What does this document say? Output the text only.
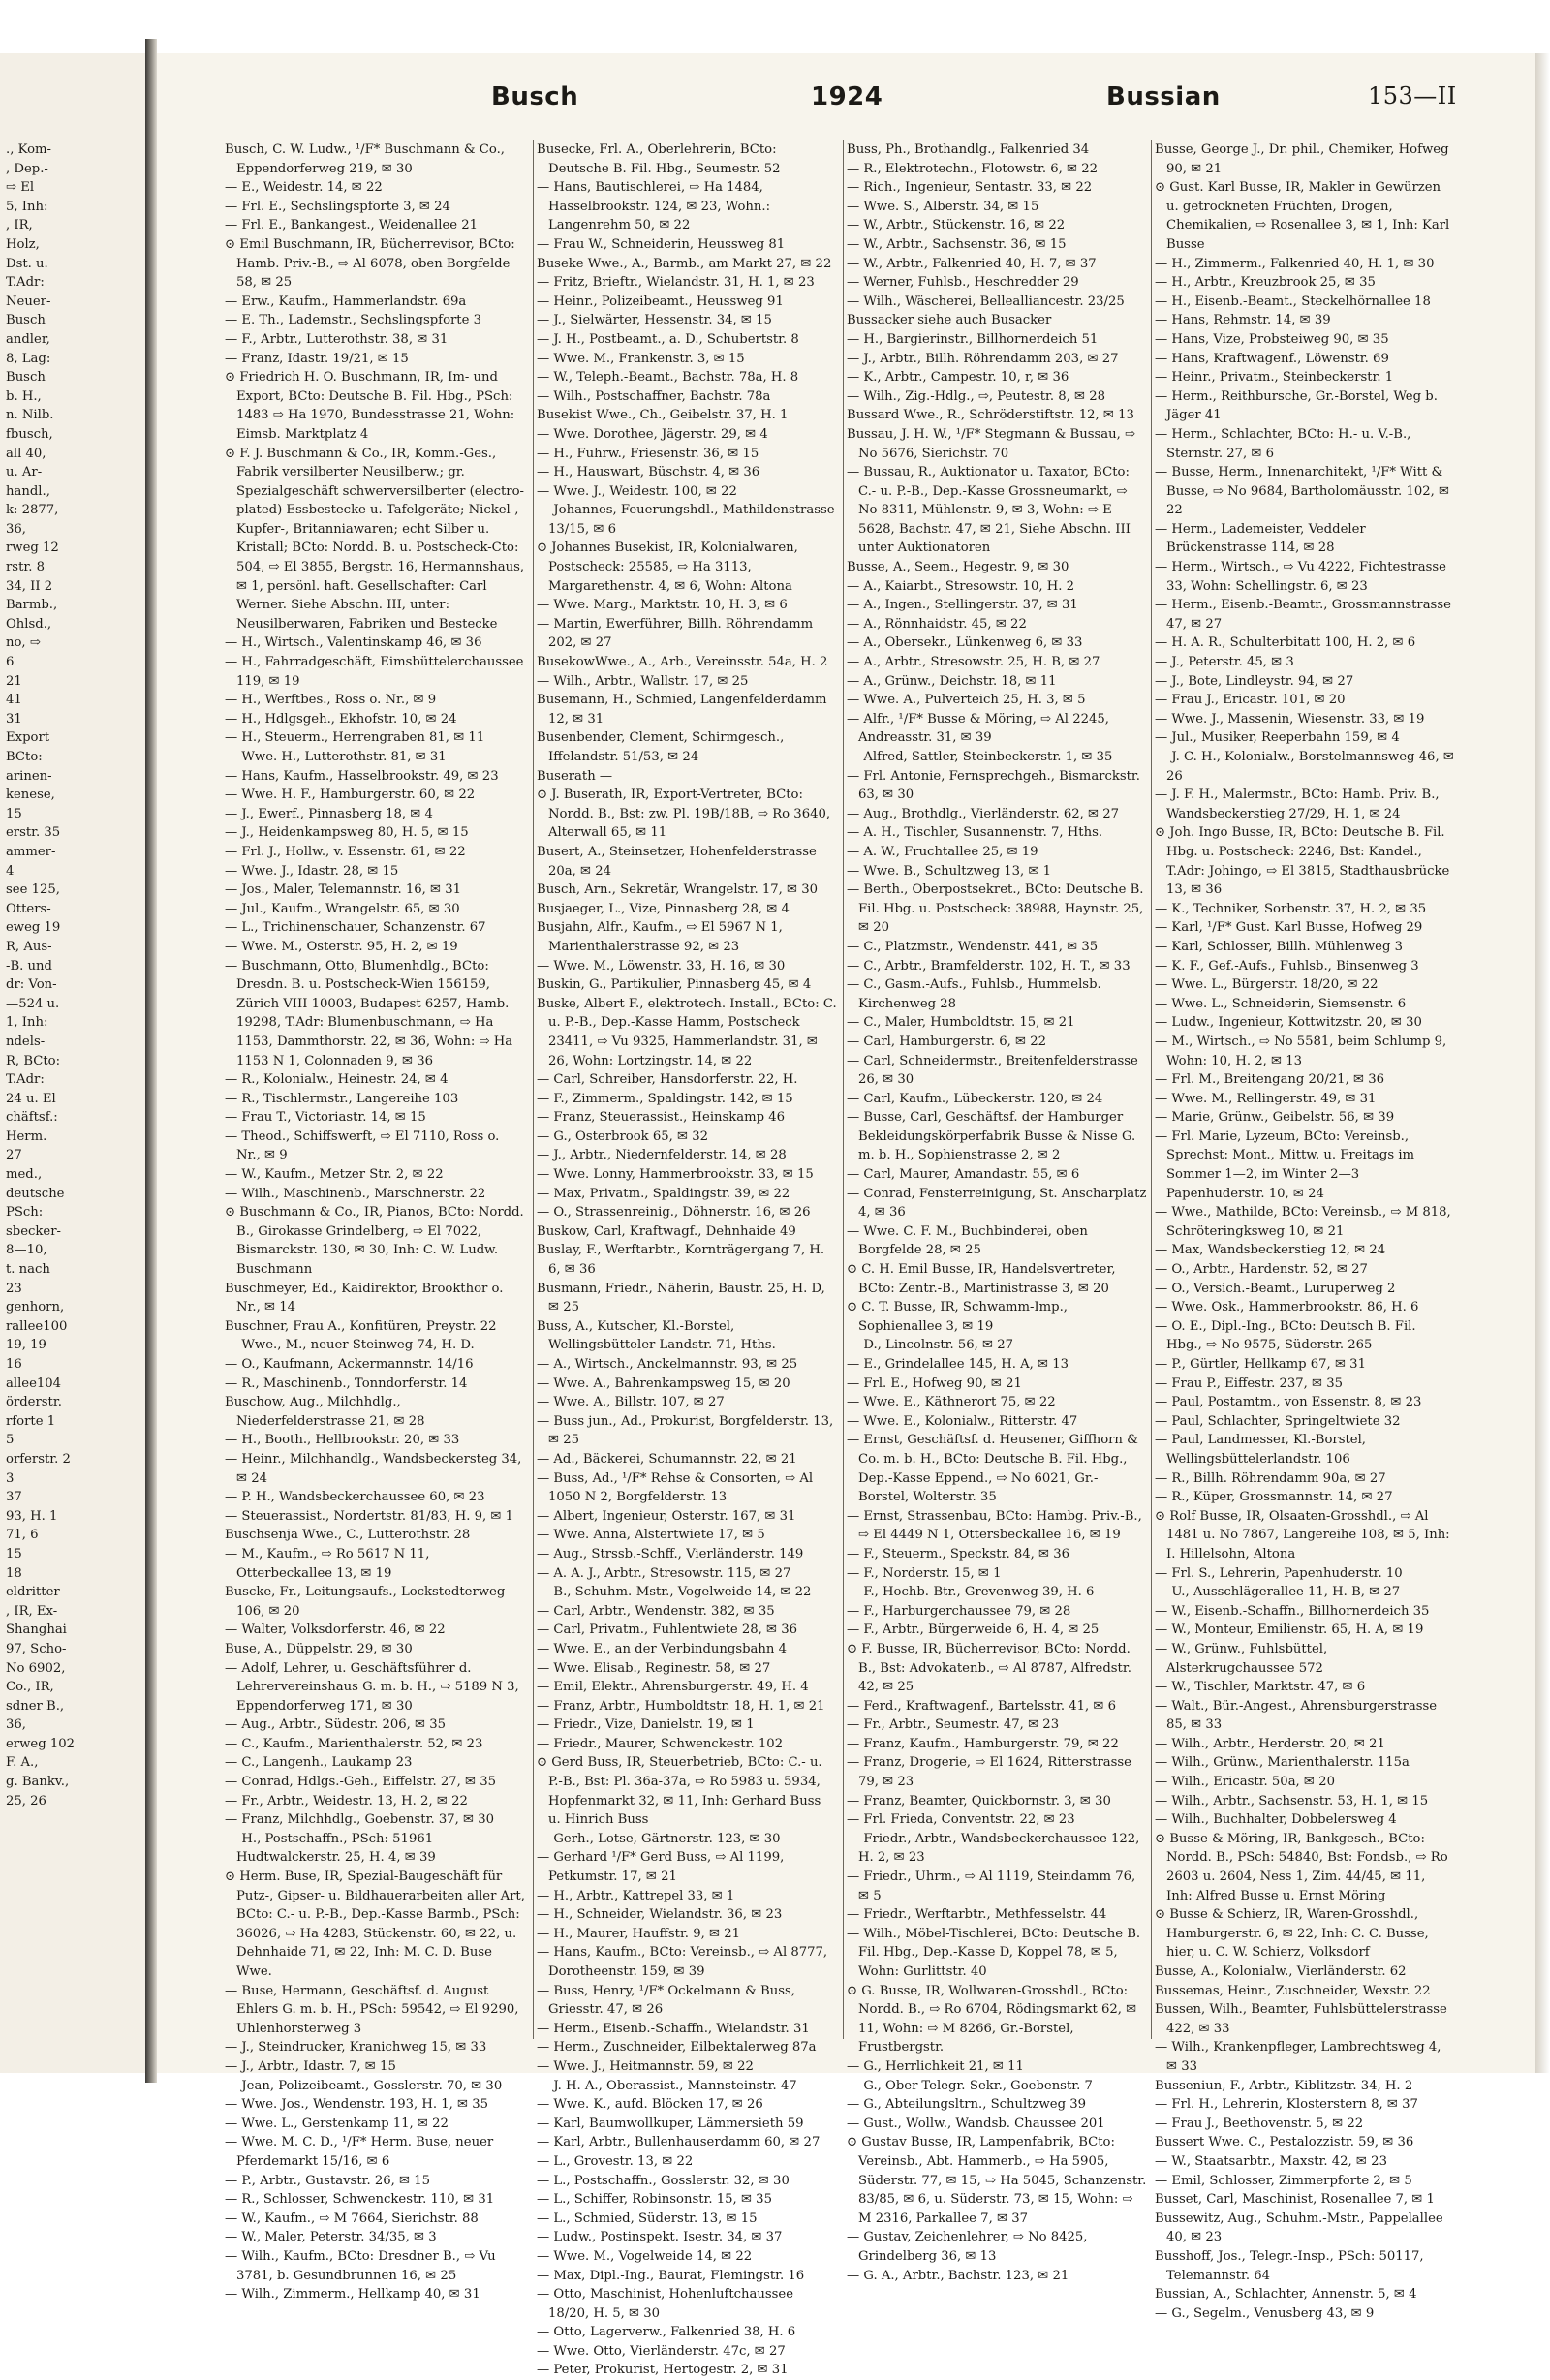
., Kom-
, Dep.-
⇨ El
5, Inh:
, IR,
Holz,
Dst. u.
T.Adr:
Neuer-
Busch
andler,
8, Lag:
Busch
b. H.,
n. Nilb.
fbusch,
all 40,
u. Ar-
handl.,
k: 2877,
36,
rweg 12
rstr. 8
34, II 2
Barmb.,
Ohlsd.,
no, ⇨
6
21
41
31
Export
BCto:
arinen-
kenese,
15
erstr. 35
ammer-
4
see 125,
Otters-
eweg 19
R, Aus-
-B. und
dr: Von-
—524 u.
1, Inh:
ndels-
R, BCto:
T.Adr:
24 u. El
chäftsf.:
Herm.
27
med.,
deutsche
PSch:
sbecker-
8—10,
t. nach
23
genhorn,
rallee100
19, 19
16
allee104
örderstr.
rforte 1
5
orferstr. 2
3
37
93, H. 1
71, 6
15
18
eldritter-
, IR, Ex-
Shanghai
97, Scho-
No 6902,
Co., IR,
sdner B.,
36,
erweg 102
F. A.,
g. Bankv.,
25, 26
Busch	1924	Bussian	153—II

Busch, C. W. Ludw., ¹/F* Buschmann & Co., Eppendorferweg 219, ✉ 30

— E., Weidestr. 14, ✉ 22

— Frl. E., Sechslingspforte 3, ✉ 24

— Frl. E., Bankangest., Weidenallee 21

⊙ Emil Buschmann, IR, Bücherrevisor, BCto: Hamb. Priv.-B., ⇨ Al 6078, oben Borgfelde 58, ✉ 25

— Erw., Kaufm., Hammerlandstr. 69a

— E. Th., Lademstr., Sechslingspforte 3

— F., Arbtr., Lutterothstr. 38, ✉ 31

— Franz, Idastr. 19/21, ✉ 15

⊙ Friedrich H. O. Buschmann, IR, Im- und Export, BCto: Deutsche B. Fil. Hbg., PSch: 1483 ⇨ Ha 1970, Bundesstrasse 21, Wohn: Eimsb. Marktplatz 4

⊙ F. J. Buschmann & Co., IR, Komm.-Ges., Fabrik versilberter Neusilberw.; gr. Spezialgeschäft schwerversilberter (electro-plated) Essbestecke u. Tafelgeräte; Nickel-, Kupfer-, Britanniawaren; echt Silber u. Kristall; BCto: Nordd. B. u. Postscheck-Cto: 504, ⇨ El 3855, Bergstr. 16, Hermannshaus, ✉ 1, persönl. haft. Gesellschafter: Carl Werner. Siehe Abschn. III, unter: Neusilberwaren, Fabriken und Bestecke

— H., Wirtsch., Valentinskamp 46, ✉ 36

— H., Fahrradgeschäft, Eimsbüttelerchaussee 119, ✉ 19

— H., Werftbes., Ross o. Nr., ✉ 9

— H., Hdlgsgeh., Ekhofstr. 10, ✉ 24

— H., Steuerm., Herrengraben 81, ✉ 11

— Wwe. H., Lutterothstr. 81, ✉ 31

— Hans, Kaufm., Hasselbrookstr. 49, ✉ 23

— Wwe. H. F., Hamburgerstr. 60, ✉ 22

— J., Ewerf., Pinnasberg 18, ✉ 4

— J., Heidenkampsweg 80, H. 5, ✉ 15

— Frl. J., Hollw., v. Essenstr. 61, ✉ 22

— Wwe. J., Idastr. 28, ✉ 15

— Jos., Maler, Telemannstr. 16, ✉ 31

— Jul., Kaufm., Wrangelstr. 65, ✉ 30

— L., Trichinenschauer, Schanzenstr. 67

— Wwe. M., Osterstr. 95, H. 2, ✉ 19

— Buschmann, Otto, Blumenhdlg., BCto: Dresdn. B. u. Postscheck-Wien 156159, Zürich VIII 10003, Budapest 6257, Hamb. 19298, T.Adr: Blumenbuschmann, ⇨ Ha 1153, Dammthorstr. 22, ✉ 36, Wohn: ⇨ Ha 1153 N 1, Colonnaden 9, ✉ 36

— R., Kolonialw., Heinestr. 24, ✉ 4

— R., Tischlermstr., Langereihe 103

— Frau T., Victoriastr. 14, ✉ 15

— Theod., Schiffswerft, ⇨ El 7110, Ross o. Nr., ✉ 9

— W., Kaufm., Metzer Str. 2, ✉ 22

— Wilh., Maschinenb., Marschnerstr. 22

⊙ Buschmann & Co., IR, Pianos, BCto: Nordd. B., Girokasse Grindelberg, ⇨ El 7022, Bismarckstr. 130, ✉ 30, Inh: C. W. Ludw. Buschmann

Buschmeyer, Ed., Kaidirektor, Brookthor o. Nr., ✉ 14

Buschner, Frau A., Konfitüren, Preystr. 22

— Wwe., M., neuer Steinweg 74, H. D.

— O., Kaufmann, Ackermannstr. 14/16

— R., Maschinenb., Tonndorferstr. 14

Buschow, Aug., Milchhdlg., Niederfelderstrasse 21, ✉ 28

— H., Booth., Hellbrookstr. 20, ✉ 33

— Heinr., Milchhandlg., Wandsbeckersteg 34, ✉ 24

— P. H., Wandsbeckerchaussee 60, ✉ 23

— Steuerassist., Nordertstr. 81/83, H. 9, ✉ 1

Buschsenja Wwe., C., Lutterothstr. 28

— M., Kaufm., ⇨ Ro 5617 N 11, Otterbeckallee 13, ✉ 19

Buscke, Fr., Leitungsaufs., Lockstedterweg 106, ✉ 20

— Walter, Volksdorferstr. 46, ✉ 22

Buse, A., Düppelstr. 29, ✉ 30

— Adolf, Lehrer, u. Geschäftsführer d. Lehrervereinshaus G. m. b. H., ⇨ 5189 N 3, Eppendorferweg 171, ✉ 30

— Aug., Arbtr., Südestr. 206, ✉ 35

— C., Kaufm., Marienthalerstr. 52, ✉ 23

— C., Langenh., Laukamp 23

— Conrad, Hdlgs.-Geh., Eiffelstr. 27, ✉ 35

— Fr., Arbtr., Weidestr. 13, H. 2, ✉ 22

— Franz, Milchhdlg., Goebenstr. 37, ✉ 30

— H., Postschaffn., PSch: 51961 Hudtwalckerstr. 25, H. 4, ✉ 39

⊙ Herm. Buse, IR, Spezial-Baugeschäft für Putz-, Gipser- u. Bildhauerarbeiten aller Art, BCto: C.- u. P.-B., Dep.-Kasse Barmb., PSch: 36026, ⇨ Ha 4283, Stückenstr. 60, ✉ 22, u. Dehnhaide 71, ✉ 22, Inh: M. C. D. Buse Wwe.

— Buse, Hermann, Geschäftsf. d. August Ehlers G. m. b. H., PSch: 59542, ⇨ El 9290, Uhlenhorsterweg 3

— J., Steindrucker, Kranichweg 15, ✉ 33

— J., Arbtr., Idastr. 7, ✉ 15

— Jean, Polizeibeamt., Gosslerstr. 70, ✉ 30

— Wwe. Jos., Wendenstr. 193, H. 1, ✉ 35

— Wwe. L., Gerstenkamp 11, ✉ 22

— Wwe. M. C. D., ¹/F* Herm. Buse, neuer Pferdemarkt 15/16, ✉ 6

— P., Arbtr., Gustavstr. 26, ✉ 15

— R., Schlosser, Schwenckestr. 110, ✉ 31

— W., Kaufm., ⇨ M 7664, Sierichstr. 88

— W., Maler, Peterstr. 34/35, ✉ 3

— Wilh., Kaufm., BCto: Dresdner B., ⇨ Vu 3781, b. Gesundbrunnen 16, ✉ 25

— Wilh., Zimmerm., Hellkamp 40, ✉ 31

Busecke, Frl. A., Oberlehrerin, BCto: Deutsche B. Fil. Hbg., Seumestr. 52

— Hans, Bautischlerei, ⇨ Ha 1484, Hasselbrookstr. 124, ✉ 23, Wohn.: Langenrehm 50, ✉ 22

— Frau W., Schneiderin, Heussweg 81

Buseke Wwe., A., Barmb., am Markt 27, ✉ 22

— Fritz, Brieftr., Wielandstr. 31, H. 1, ✉ 23

— Heinr., Polizeibeamt., Heussweg 91

— J., Sielwärter, Hessenstr. 34, ✉ 15

— J. H., Postbeamt., a. D., Schubertstr. 8

— Wwe. M., Frankenstr. 3, ✉ 15

— W., Teleph.-Beamt., Bachstr. 78a, H. 8

— Wilh., Postschaffner, Bachstr. 78a

Busekist Wwe., Ch., Geibelstr. 37, H. 1

— Wwe. Dorothee, Jägerstr. 29, ✉ 4

— H., Fuhrw., Friesenstr. 36, ✉ 15

— H., Hauswart, Büschstr. 4, ✉ 36

— Wwe. J., Weidestr. 100, ✉ 22

— Johannes, Feuerungshdl., Mathildenstrasse 13/15, ✉ 6

⊙ Johannes Busekist, IR, Kolonialwaren, Postscheck: 25585, ⇨ Ha 3113, Margarethenstr. 4, ✉ 6, Wohn: Altona

— Wwe. Marg., Marktstr. 10, H. 3, ✉ 6

— Martin, Ewerführer, Billh. Röhrendamm 202, ✉ 27

BusekowWwe., A., Arb., Vereinsstr. 54a, H. 2

— Wilh., Arbtr., Wallstr. 17, ✉ 25

Busemann, H., Schmied, Langenfelderdamm 12, ✉ 31

Busenbender, Clement, Schirmgesch., Iffelandstr. 51/53, ✉ 24

Buserath —

⊙ J. Buserath, IR, Export-Vertreter, BCto: Nordd. B., Bst: zw. Pl. 19B/18B, ⇨ Ro 3640, Alterwall 65, ✉ 11

Busert, A., Steinsetzer, Hohenfelderstrasse 20a, ✉ 24

Busch, Arn., Sekretär, Wrangelstr. 17, ✉ 30

Busjaeger, L., Vize, Pinnasberg 28, ✉ 4

Busjahn, Alfr., Kaufm., ⇨ El 5967 N 1, Marienthalerstrasse 92, ✉ 23

— Wwe. M., Löwenstr. 33, H. 16, ✉ 30

Buskin, G., Partikulier, Pinnasberg 45, ✉ 4

Buske, Albert F., elektrotech. Install., BCto: C. u. P.-B., Dep.-Kasse Hamm, Postscheck 23411, ⇨ Vu 9325, Hammerlandstr. 31, ✉ 26, Wohn: Lortzingstr. 14, ✉ 22

— Carl, Schreiber, Hansdorferstr. 22, H.

— F., Zimmerm., Spaldingstr. 142, ✉ 15

— Franz, Steuerassist., Heinskamp 46

— G., Osterbrook 65, ✉ 32

— J., Arbtr., Niedernfelderstr. 14, ✉ 28

— Wwe. Lonny, Hammerbrookstr. 33, ✉ 15

— Max, Privatm., Spaldingstr. 39, ✉ 22

— O., Strassenreinig., Döhnerstr. 16, ✉ 26

Buskow, Carl, Kraftwagf., Dehnhaide 49

Buslay, F., Werftarbtr., Kornträgergang 7, H. 6, ✉ 36

Busmann, Friedr., Näherin, Baustr. 25, H. D, ✉ 25

Buss, A., Kutscher, Kl.-Borstel, Wellingsbütteler Landstr. 71, Hths.

— A., Wirtsch., Anckelmannstr. 93, ✉ 25

— Wwe. A., Bahrenkampsweg 15, ✉ 20

— Wwe. A., Billstr. 107, ✉ 27

— Buss jun., Ad., Prokurist, Borgfelderstr. 13, ✉ 25

— Ad., Bäckerei, Schumannstr. 22, ✉ 21

— Buss, Ad., ¹/F* Rehse & Consorten, ⇨ Al 1050 N 2, Borgfelderstr. 13

— Albert, Ingenieur, Osterstr. 167, ✉ 31

— Wwe. Anna, Alstertwiete 17, ✉ 5

— Aug., Strssb.-Schff., Vierländerstr. 149

— A. A. J., Arbtr., Stresowstr. 115, ✉ 27

— B., Schuhm.-Mstr., Vogelweide 14, ✉ 22

— Carl, Arbtr., Wendenstr. 382, ✉ 35

— Carl, Privatm., Fuhlentwiete 28, ✉ 36

— Wwe. E., an der Verbindungsbahn 4

— Wwe. Elisab., Reginestr. 58, ✉ 27

— Emil, Elektr., Ahrensburgerstr. 49, H. 4

— Franz, Arbtr., Humboldtstr. 18, H. 1, ✉ 21

— Friedr., Vize, Danielstr. 19, ✉ 1

— Friedr., Maurer, Schwenckestr. 102

⊙ Gerd Buss, IR, Steuerbetrieb, BCto: C.- u. P.-B., Bst: Pl. 36a-37a, ⇨ Ro 5983 u. 5934, Hopfenmarkt 32, ✉ 11, Inh: Gerhard Buss u. Hinrich Buss

— Gerh., Lotse, Gärtnerstr. 123, ✉ 30

— Gerhard ¹/F* Gerd Buss, ⇨ Al 1199, Petkumstr. 17, ✉ 21

— H., Arbtr., Kattrepel 33, ✉ 1

— H., Schneider, Wielandstr. 36, ✉ 23

— H., Maurer, Hauffstr. 9, ✉ 21

— Hans, Kaufm., BCto: Vereinsb., ⇨ Al 8777, Dorotheenstr. 159, ✉ 39

— Buss, Henry, ¹/F* Ockelmann & Buss, Griesstr. 47, ✉ 26

— Herm., Eisenb.-Schaffn., Wielandstr. 31

— Herm., Zuschneider, Eilbektalerweg 87a

— Wwe. J., Heitmannstr. 59, ✉ 22

— J. H. A., Oberassist., Mannsteinstr. 47

— Wwe. K., aufd. Blöcken 17, ✉ 26

— Karl, Baumwollkuper, Lämmersieth 59

— Karl, Arbtr., Bullenhauserdamm 60, ✉ 27

— L., Grovestr. 13, ✉ 22

— L., Postschaffn., Gosslerstr. 32, ✉ 30

— L., Schiffer, Robinsonstr. 15, ✉ 35

— L., Schmied, Süderstr. 13, ✉ 15

— Ludw., Postinspekt. Isestr. 34, ✉ 37

— Wwe. M., Vogelweide 14, ✉ 22

— Max, Dipl.-Ing., Baurat, Flemingstr. 16

— Otto, Maschinist, Hohenluftchaussee 18/20, H. 5, ✉ 30

— Otto, Lagerverw., Falkenried 38, H. 6

— Wwe. Otto, Vierländerstr. 47c, ✉ 27

— Peter, Prokurist, Hertogestr. 2, ✉ 31

Buss, Ph., Brothandlg., Falkenried 34

— R., Elektrotechn., Flotowstr. 6, ✉ 22

— Rich., Ingenieur, Sentastr. 33, ✉ 22

— Wwe. S., Alberstr. 34, ✉ 15

— W., Arbtr., Stückenstr. 16, ✉ 22

— W., Arbtr., Sachsenstr. 36, ✉ 15

— W., Arbtr., Falkenried 40, H. 7, ✉ 37

— Werner, Fuhlsb., Heschredder 29

— Wilh., Wäscherei, Bellealliancestr. 23/25

Bussacker siehe auch Busacker

— H., Bargierinstr., Billhornerdeich 51

— J., Arbtr., Billh. Röhrendamm 203, ✉ 27

— K., Arbtr., Campestr. 10, r, ✉ 36

— Wilh., Zig.-Hdlg., ⇨, Peutestr. 8, ✉ 28

Bussard Wwe., R., Schröderstiftstr. 12, ✉ 13

Bussau, J. H. W., ¹/F* Stegmann & Bussau, ⇨ No 5676, Sierichstr. 70

— Bussau, R., Auktionator u. Taxator, BCto: C.- u. P.-B., Dep.-Kasse Grossneumarkt, ⇨ No 8311, Mühlenstr. 9, ✉ 3, Wohn: ⇨ E 5628, Bachstr. 47, ✉ 21, Siehe Abschn. III unter Auktionatoren

Busse, A., Seem., Hegestr. 9, ✉ 30

— A., Kaiarbt., Stresowstr. 10, H. 2

— A., Ingen., Stellingerstr. 37, ✉ 31

— A., Rönnhaidstr. 45, ✉ 22

— A., Obersekr., Lünkenweg 6, ✉ 33

— A., Arbtr., Stresowstr. 25, H. B, ✉ 27

— A., Grünw., Deichstr. 18, ✉ 11

— Wwe. A., Pulverteich 25, H. 3, ✉ 5

— Alfr., ¹/F* Busse & Möring, ⇨ Al 2245, Andreasstr. 31, ✉ 39

— Alfred, Sattler, Steinbeckerstr. 1, ✉ 35

— Frl. Antonie, Fernsprechgeh., Bismarckstr. 63, ✉ 30

— Aug., Brothdlg., Vierländerstr. 62, ✉ 27

— A. H., Tischler, Susannenstr. 7, Hths.

— A. W., Fruchtallee 25, ✉ 19

— Wwe. B., Schultzweg 13, ✉ 1

— Berth., Oberpostsekret., BCto: Deutsche B. Fil. Hbg. u. Postscheck: 38988, Haynstr. 25, ✉ 20

— C., Platzmstr., Wendenstr. 441, ✉ 35

— C., Arbtr., Bramfelderstr. 102, H. T., ✉ 33

— C., Gasm.-Aufs., Fuhlsb., Hummelsb. Kirchenweg 28

— C., Maler, Humboldtstr. 15, ✉ 21

— Carl, Hamburgerstr. 6, ✉ 22

— Carl, Schneidermstr., Breitenfelderstrasse 26, ✉ 30

— Carl, Kaufm., Lübeckerstr. 120, ✉ 24

— Busse, Carl, Geschäftsf. der Hamburger Bekleidungskörperfabrik Busse & Nisse G. m. b. H., Sophienstrasse 2, ✉ 2

— Carl, Maurer, Amandastr. 55, ✉ 6

— Conrad, Fensterreinigung, St. Anscharplatz 4, ✉ 36

— Wwe. C. F. M., Buchbinderei, oben Borgfelde 28, ✉ 25

⊙ C. H. Emil Busse, IR, Handelsvertreter, BCto: Zentr.-B., Martinistrasse 3, ✉ 20

⊙ C. T. Busse, IR, Schwamm-Imp., Sophienallee 3, ✉ 19

— D., Lincolnstr. 56, ✉ 27

— E., Grindelallee 145, H. A, ✉ 13

— Frl. E., Hofweg 90, ✉ 21

— Wwe. E., Käthnerort 75, ✉ 22

— Wwe. E., Kolonialw., Ritterstr. 47

— Ernst, Geschäftsf. d. Heusener, Giffhorn & Co. m. b. H., BCto: Deutsche B. Fil. Hbg., Dep.-Kasse Eppend., ⇨ No 6021, Gr.-Borstel, Wolterstr. 35

— Ernst, Strassenbau, BCto: Hambg. Priv.-B., ⇨ El 4449 N 1, Ottersbeckallee 16, ✉ 19

— F., Steuerm., Speckstr. 84, ✉ 36

— F., Norderstr. 15, ✉ 1

— F., Hochb.-Btr., Grevenweg 39, H. 6

— F., Harburgerchaussee 79, ✉ 28

— F., Arbtr., Bürgerweide 6, H. 4, ✉ 25

⊙ F. Busse, IR, Bücherrevisor, BCto: Nordd. B., Bst: Advokatenb., ⇨ Al 8787, Alfredstr. 42, ✉ 25

— Ferd., Kraftwagenf., Bartelsstr. 41, ✉ 6

— Fr., Arbtr., Seumestr. 47, ✉ 23

— Franz, Kaufm., Hamburgerstr. 79, ✉ 22

— Franz, Drogerie, ⇨ El 1624, Ritterstrasse 79, ✉ 23

— Franz, Beamter, Quickbornstr. 3, ✉ 30

— Frl. Frieda, Conventstr. 22, ✉ 23

— Friedr., Arbtr., Wandsbeckerchaussee 122, H. 2, ✉ 23

— Friedr., Uhrm., ⇨ Al 1119, Steindamm 76, ✉ 5

— Friedr., Werftarbtr., Methfesselstr. 44

— Wilh., Möbel-Tischlerei, BCto: Deutsche B. Fil. Hbg., Dep.-Kasse D, Koppel 78, ✉ 5, Wohn: Gurlittstr. 40

⊙ G. Busse, IR, Wollwaren-Grosshdl., BCto: Nordd. B., ⇨ Ro 6704, Rödingsmarkt 62, ✉ 11, Wohn: ⇨ M 8266, Gr.-Borstel, Frustbergstr.

— G., Herrlichkeit 21, ✉ 11

— G., Ober-Telegr.-Sekr., Goebenstr. 7

— G., Abteilungsltrn., Schultzweg 39

— Gust., Wollw., Wandsb. Chaussee 201

⊙ Gustav Busse, IR, Lampenfabrik, BCto: Vereinsb., Abt. Hammerb., ⇨ Ha 5905, Süderstr. 77, ✉ 15, ⇨ Ha 5045, Schanzenstr. 83/85, ✉ 6, u. Süderstr. 73, ✉ 15, Wohn: ⇨ M 2316, Parkallee 7, ✉ 37

— Gustav, Zeichenlehrer, ⇨ No 8425, Grindelberg 36, ✉ 13

— G. A., Arbtr., Bachstr. 123, ✉ 21

Busse, George J., Dr. phil., Chemiker, Hofweg 90, ✉ 21

⊙ Gust. Karl Busse, IR, Makler in Gewürzen u. getrockneten Früchten, Drogen, Chemikalien, ⇨ Rosenallee 3, ✉ 1, Inh: Karl Busse

— H., Zimmerm., Falkenried 40, H. 1, ✉ 30

— H., Arbtr., Kreuzbrook 25, ✉ 35

— H., Eisenb.-Beamt., Steckelhörnallee 18

— Hans, Rehmstr. 14, ✉ 39

— Hans, Vize, Probsteiweg 90, ✉ 35

— Hans, Kraftwagenf., Löwenstr. 69

— Heinr., Privatm., Steinbeckerstr. 1

— Herm., Reithbursche, Gr.-Borstel, Weg b. Jäger 41

— Herm., Schlachter, BCto: H.- u. V.-B., Sternstr. 27, ✉ 6

— Busse, Herm., Innenarchitekt, ¹/F* Witt & Busse, ⇨ No 9684, Bartholomäusstr. 102, ✉ 22

— Herm., Lademeister, Veddeler Brückenstrasse 114, ✉ 28

— Herm., Wirtsch., ⇨ Vu 4222, Fichtestrasse 33, Wohn: Schellingstr. 6, ✉ 23

— Herm., Eisenb.-Beamtr., Grossmannstrasse 47, ✉ 27

— H. A. R., Schulterbitatt 100, H. 2, ✉ 6

— J., Peterstr. 45, ✉ 3

— J., Bote, Lindleystr. 94, ✉ 27

— Frau J., Ericastr. 101, ✉ 20

— Wwe. J., Massenin, Wiesenstr. 33, ✉ 19

— Jul., Musiker, Reeperbahn 159, ✉ 4

— J. C. H., Kolonialw., Borstelmannsweg 46, ✉ 26

— J. F. H., Malermstr., BCto: Hamb. Priv. B., Wandsbeckerstieg 27/29, H. 1, ✉ 24

⊙ Joh. Ingo Busse, IR, BCto: Deutsche B. Fil. Hbg. u. Postscheck: 2246, Bst: Kandel., T.Adr: Johingo, ⇨ El 3815, Stadthausbrücke 13, ✉ 36

— K., Techniker, Sorbenstr. 37, H. 2, ✉ 35

— Karl, ¹/F* Gust. Karl Busse, Hofweg 29

— Karl, Schlosser, Billh. Mühlenweg 3

— K. F., Gef.-Aufs., Fuhlsb., Binsenweg 3

— Wwe. L., Bürgerstr. 18/20, ✉ 22

— Wwe. L., Schneiderin, Siemsenstr. 6

— Ludw., Ingenieur, Kottwitzstr. 20, ✉ 30

— M., Wirtsch., ⇨ No 5581, beim Schlump 9, Wohn: 10, H. 2, ✉ 13

— Frl. M., Breitengang 20/21, ✉ 36

— Wwe. M., Rellingerstr. 49, ✉ 31

— Marie, Grünw., Geibelstr. 56, ✉ 39

— Frl. Marie, Lyzeum, BCto: Vereinsb., Sprechst: Mont., Mittw. u. Freitags im Sommer 1—2, im Winter 2—3 Papenhuderstr. 10, ✉ 24

— Wwe., Mathilde, BCto: Vereinsb., ⇨ M 818, Schröteringksweg 10, ✉ 21

— Max, Wandsbeckerstieg 12, ✉ 24

— O., Arbtr., Hardenstr. 52, ✉ 27

— O., Versich.-Beamt., Luruperweg 2

— Wwe. Osk., Hammerbrookstr. 86, H. 6

— O. E., Dipl.-Ing., BCto: Deutsch B. Fil. Hbg., ⇨ No 9575, Süderstr. 265

— P., Gürtler, Hellkamp 67, ✉ 31

— Frau P., Eiffestr. 237, ✉ 35

— Paul, Postamtm., von Essenstr. 8, ✉ 23

— Paul, Schlachter, Springeltwiete 32

— Paul, Landmesser, Kl.-Borstel, Wellingsbüttelerlandstr. 106

— R., Billh. Röhrendamm 90a, ✉ 27

— R., Küper, Grossmannstr. 14, ✉ 27

⊙ Rolf Busse, IR, Olsaaten-Grosshdl., ⇨ Al 1481 u. No 7867, Langereihe 108, ✉ 5, Inh: I. Hillelsohn, Altona

— Frl. S., Lehrerin, Papenhuderstr. 10

— U., Ausschlägerallee 11, H. B, ✉ 27

— W., Eisenb.-Schaffn., Billhornerdeich 35

— W., Monteur, Emilienstr. 65, H. A, ✉ 19

— W., Grünw., Fuhlsbüttel, Alsterkrugchaussee 572

— W., Tischler, Marktstr. 47, ✉ 6

— Walt., Bür.-Angest., Ahrensburgerstrasse 85, ✉ 33

— Wilh., Arbtr., Herderstr. 20, ✉ 21

— Wilh., Grünw., Marienthalerstr. 115a

— Wilh., Ericastr. 50a, ✉ 20

— Wilh., Arbtr., Sachsenstr. 53, H. 1, ✉ 15

— Wilh., Buchhalter, Dobbelersweg 4

⊙ Busse & Möring, IR, Bankgesch., BCto: Nordd. B., PSch: 54840, Bst: Fondsb., ⇨ Ro 2603 u. 2604, Ness 1, Zim. 44/45, ✉ 11, Inh: Alfred Busse u. Ernst Möring

⊙ Busse & Schierz, IR, Waren-Grosshdl., Hamburgerstr. 6, ✉ 22, Inh: C. C. Busse, hier, u. C. W. Schierz, Volksdorf

Busse, A., Kolonialw., Vierländerstr. 62

Bussemas, Heinr., Zuschneider, Wexstr. 22

Bussen, Wilh., Beamter, Fuhlsbüttelerstrasse 422, ✉ 33

— Wilh., Krankenpfleger, Lambrechtsweg 4, ✉ 33

Busseniun, F., Arbtr., Kiblitzstr. 34, H. 2

— Frl. H., Lehrerin, Klosterstern 8, ✉ 37

— Frau J., Beethovenstr. 5, ✉ 22

Bussert Wwe. C., Pestalozzistr. 59, ✉ 36

— W., Staatsarbtr., Maxstr. 42, ✉ 23

— Emil, Schlosser, Zimmerpforte 2, ✉ 5

Busset, Carl, Maschinist, Rosenallee 7, ✉ 1

Bussewitz, Aug., Schuhm.-Mstr., Pappelallee 40, ✉ 23

Busshoff, Jos., Telegr.-Insp., PSch: 50117, Telemannstr. 64

Bussian, A., Schlachter, Annenstr. 5, ✉ 4

— G., Segelm., Venusberg 43, ✉ 9
